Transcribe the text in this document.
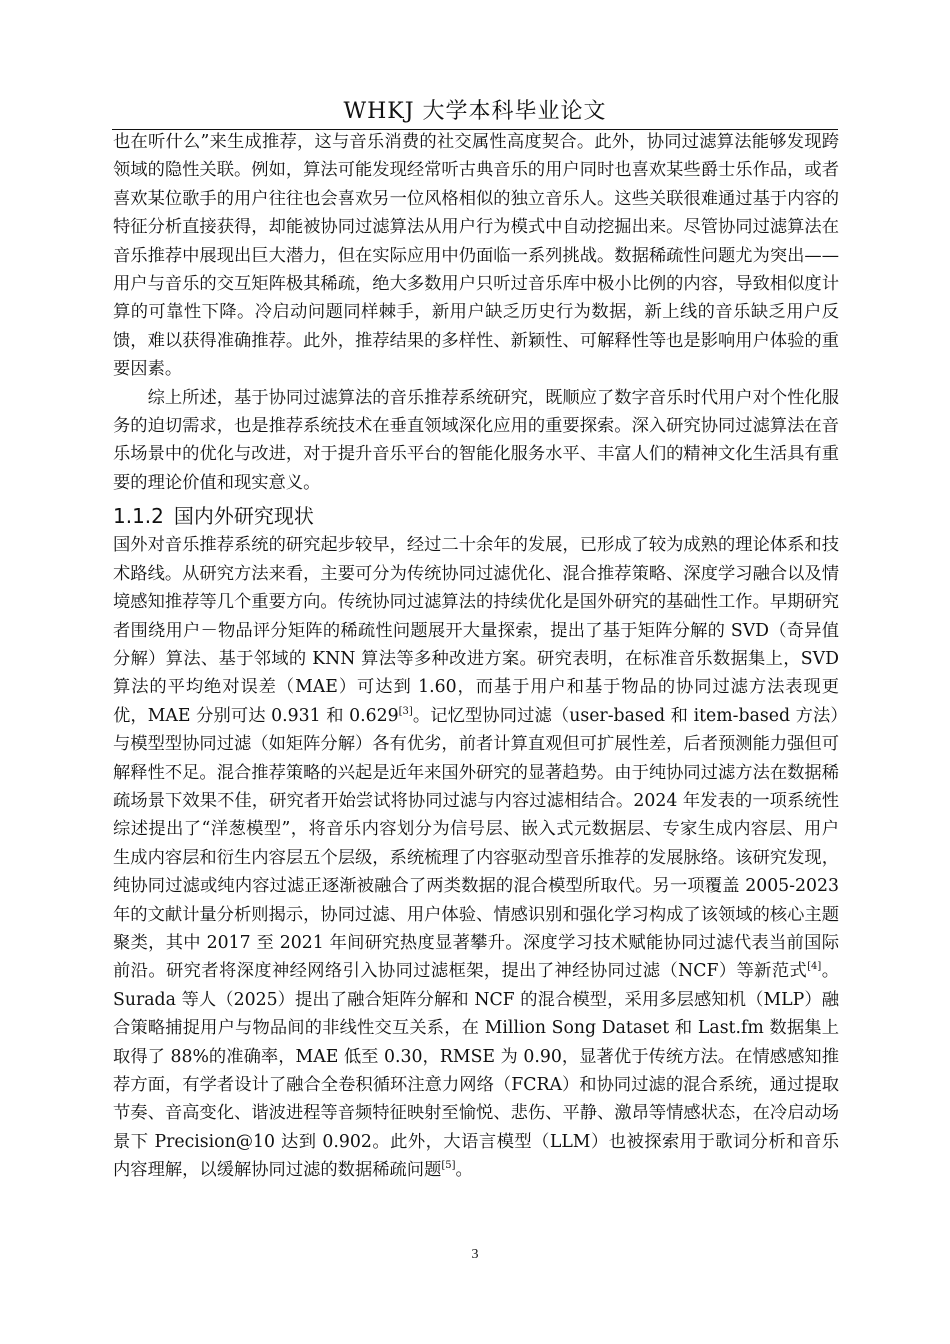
WHKJ 大学本科毕业论文

也在听什么”来生成推荐，这与音乐消费的社交属性高度契合。此外，协同过滤算法能够发现跨领域的隐性关联。例如，算法可能发现经常听古典音乐的用户同时也喜欢某些爵士乐作品，或者喜欢某位歌手的用户往往也会喜欢另一位风格相似的独立音乐人。这些关联很难通过基于内容的特征分析直接获得，却能被协同过滤算法从用户行为模式中自动挖掘出来。尽管协同过滤算法在音乐推荐中展现出巨大潜力，但在实际应用中仍面临一系列挑战。数据稀疏性问题尤为突出——用户与音乐的交互矩阵极其稀疏，绝大多数用户只听过音乐库中极小比例的内容，导致相似度计算的可靠性下降。冷启动问题同样棘手，新用户缺乏历史行为数据，新上线的音乐缺乏用户反馈，难以获得准确推荐。此外，推荐结果的多样性、新颖性、可解释性等也是影响用户体验的重要因素。

综上所述，基于协同过滤算法的音乐推荐系统研究，既顺应了数字音乐时代用户对个性化服务的迫切需求，也是推荐系统技术在垂直领域深化应用的重要探索。深入研究协同过滤算法在音乐场景中的优化与改进，对于提升音乐平台的智能化服务水平、丰富人们的精神文化生活具有重要的理论价值和现实意义。

1.1.2 国内外研究现状

国外对音乐推荐系统的研究起步较早，经过二十余年的发展，已形成了较为成熟的理论体系和技术路线。从研究方法来看，主要可分为传统协同过滤优化、混合推荐策略、深度学习融合以及情境感知推荐等几个重要方向。传统协同过滤算法的持续优化是国外研究的基础性工作。早期研究者围绕用户－物品评分矩阵的稀疏性问题展开大量探索，提出了基于矩阵分解的 SVD（奇异值分解）算法、基于邻域的 KNN 算法等多种改进方案。研究表明，在标准音乐数据集上，SVD 算法的平均绝对误差（MAE）可达到 1.60，而基于用户和基于物品的协同过滤方法表现更优，MAE 分别可达 0.931 和 0.629[3]。记忆型协同过滤（user-based 和 item-based 方法）与模型型协同过滤（如矩阵分解）各有优劣，前者计算直观但可扩展性差，后者预测能力强但可解释性不足。混合推荐策略的兴起是近年来国外研究的显著趋势。由于纯协同过滤方法在数据稀疏场景下效果不佳，研究者开始尝试将协同过滤与内容过滤相结合。2024 年发表的一项系统性综述提出了“洋葱模型”，将音乐内容划分为信号层、嵌入式元数据层、专家生成内容层、用户生成内容层和衍生内容层五个层级，系统梳理了内容驱动型音乐推荐的发展脉络。该研究发现，纯协同过滤或纯内容过滤正逐渐被融合了两类数据的混合模型所取代。另一项覆盖 2005-2023 年的文献计量分析则揭示，协同过滤、用户体验、情感识别和强化学习构成了该领域的核心主题聚类，其中 2017 至 2021 年间研究热度显著攀升。深度学习技术赋能协同过滤代表当前国际前沿。研究者将深度神经网络引入协同过滤框架，提出了神经协同过滤（NCF）等新范式[4]。Surada 等人（2025）提出了融合矩阵分解和 NCF 的混合模型，采用多层感知机（MLP）融合策略捕捉用户与物品间的非线性交互关系，在 Million Song Dataset 和 Last.fm 数据集上取得了 88%的准确率，MAE 低至 0.30，RMSE 为 0.90，显著优于传统方法。在情感感知推荐方面，有学者设计了融合全卷积循环注意力网络（FCRA）和协同过滤的混合系统，通过提取节奏、音高变化、谐波进程等音频特征映射至愉悦、悲伤、平静、激昂等情感状态，在冷启动场景下 Precision@10 达到 0.902。此外，大语言模型（LLM）也被探索用于歌词分析和音乐内容理解，以缓解协同过滤的数据稀疏问题[5]。

3
